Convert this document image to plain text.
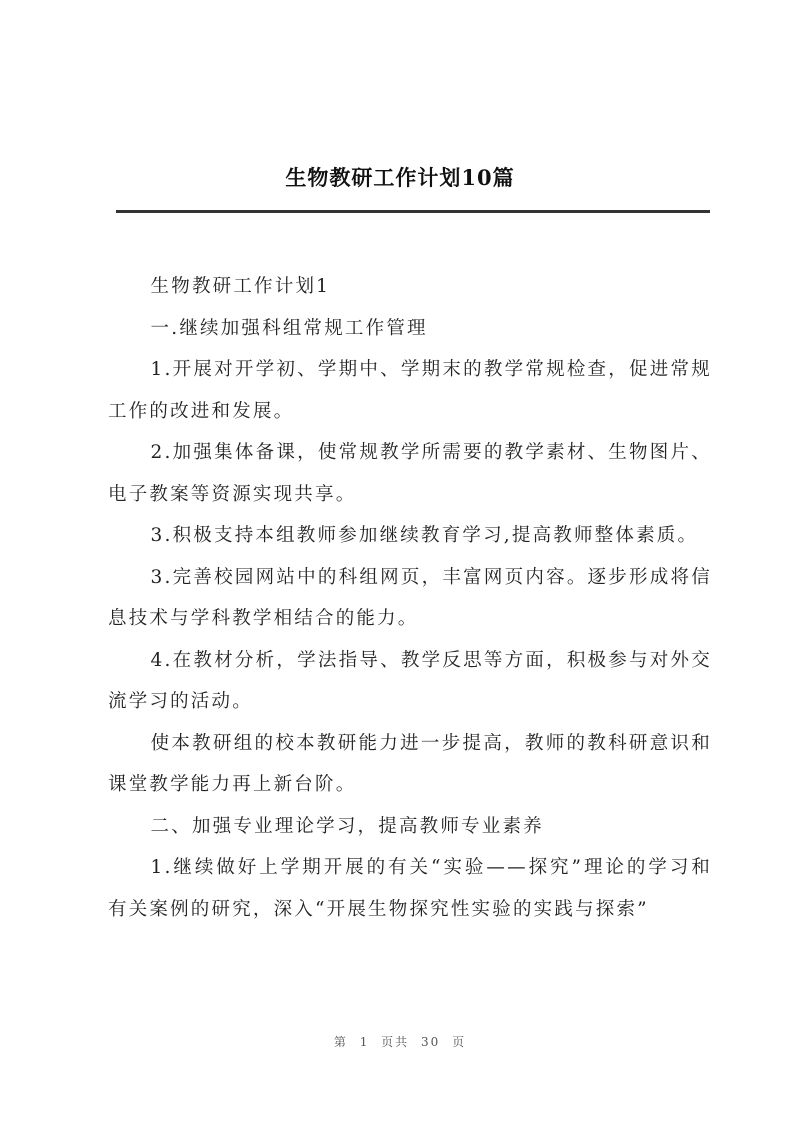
生物教研工作计划10篇

生物教研工作计划1

一.继续加强科组常规工作管理

1.开展对开学初、学期中、学期末的教学常规检查，促进常规工作的改进和发展。

2.加强集体备课，使常规教学所需要的教学素材、生物图片、电子教案等资源实现共享。

3.积极支持本组教师参加继续教育学习,提高教师整体素质。

3.完善校园网站中的科组网页，丰富网页内容。逐步形成将信息技术与学科教学相结合的能力。

4.在教材分析，学法指导、教学反思等方面，积极参与对外交流学习的活动。

使本教研组的校本教研能力进一步提高，教师的教科研意识和课堂教学能力再上新台阶。

二、加强专业理论学习，提高教师专业素养

1.继续做好上学期开展的有关“实验——探究”理论的学习和有关案例的研究，深入“开展生物探究性实验的实践与探索”

第 1 页共 30 页
